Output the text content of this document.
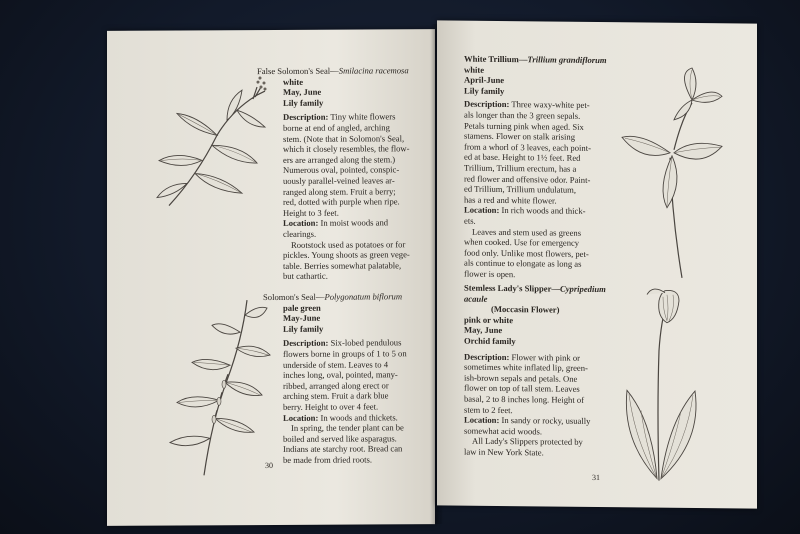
False Solomon's Seal—Smilacina racemosa

white

May, June

Lily family

Description: Tiny white flowers

borne at end of angled, arching

stem. (Note that in Solomon's Seal,

which it closely resembles, the flow-

ers are arranged along the stem.)

Numerous oval, pointed, conspic-

uously parallel-veined leaves ar-

ranged along stem. Fruit a berry;

red, dotted with purple when ripe.

Height to 3 feet.

Location: In moist woods and

clearings.

Rootstock used as potatoes or for

pickles. Young shoots as green vege-

table. Berries somewhat palatable,

but cathartic.

Solomon's Seal—Polygonatum biflorum

pale green

May-June

Lily family

Description: Six-lobed pendulous

flowers borne in groups of 1 to 5 on

underside of stem. Leaves to 4

inches long, oval, pointed, many-

ribbed, arranged along erect or

arching stem. Fruit a dark blue

berry. Height to over 4 feet.

Location: In woods and thickets.

In spring, the tender plant can be

boiled and served like asparagus.

Indians ate starchy root. Bread can

be made from dried roots.

30

White Trillium—Trillium grandiflorum

white

April-June

Lily family

Description: Three waxy-white pet-

als longer than the 3 green sepals.

Petals turning pink when aged. Six

stamens. Flower on stalk arising

from a whorl of 3 leaves, each point-

ed at base. Height to 1½ feet. Red

Trillium, Trillium erectum, has a

red flower and offensive odor. Paint-

ed Trillium, Trillium undulatum,

has a red and white flower.

Location: In rich woods and thick-

ets.

Leaves and stem used as greens

when cooked. Use for emergency

food only. Unlike most flowers, pet-

als continue to elongate as long as

flower is open.

Stemless Lady's Slipper—Cypripedium acaule

(Moccasin Flower)

pink or white

May, June

Orchid family

Description: Flower with pink or

sometimes white inflated lip, green-

ish-brown sepals and petals. One

flower on top of tall stem. Leaves

basal, 2 to 8 inches long. Height of

stem to 2 feet.

Location: In sandy or rocky, usually

somewhat acid woods.

All Lady's Slippers protected by

law in New York State.

31
